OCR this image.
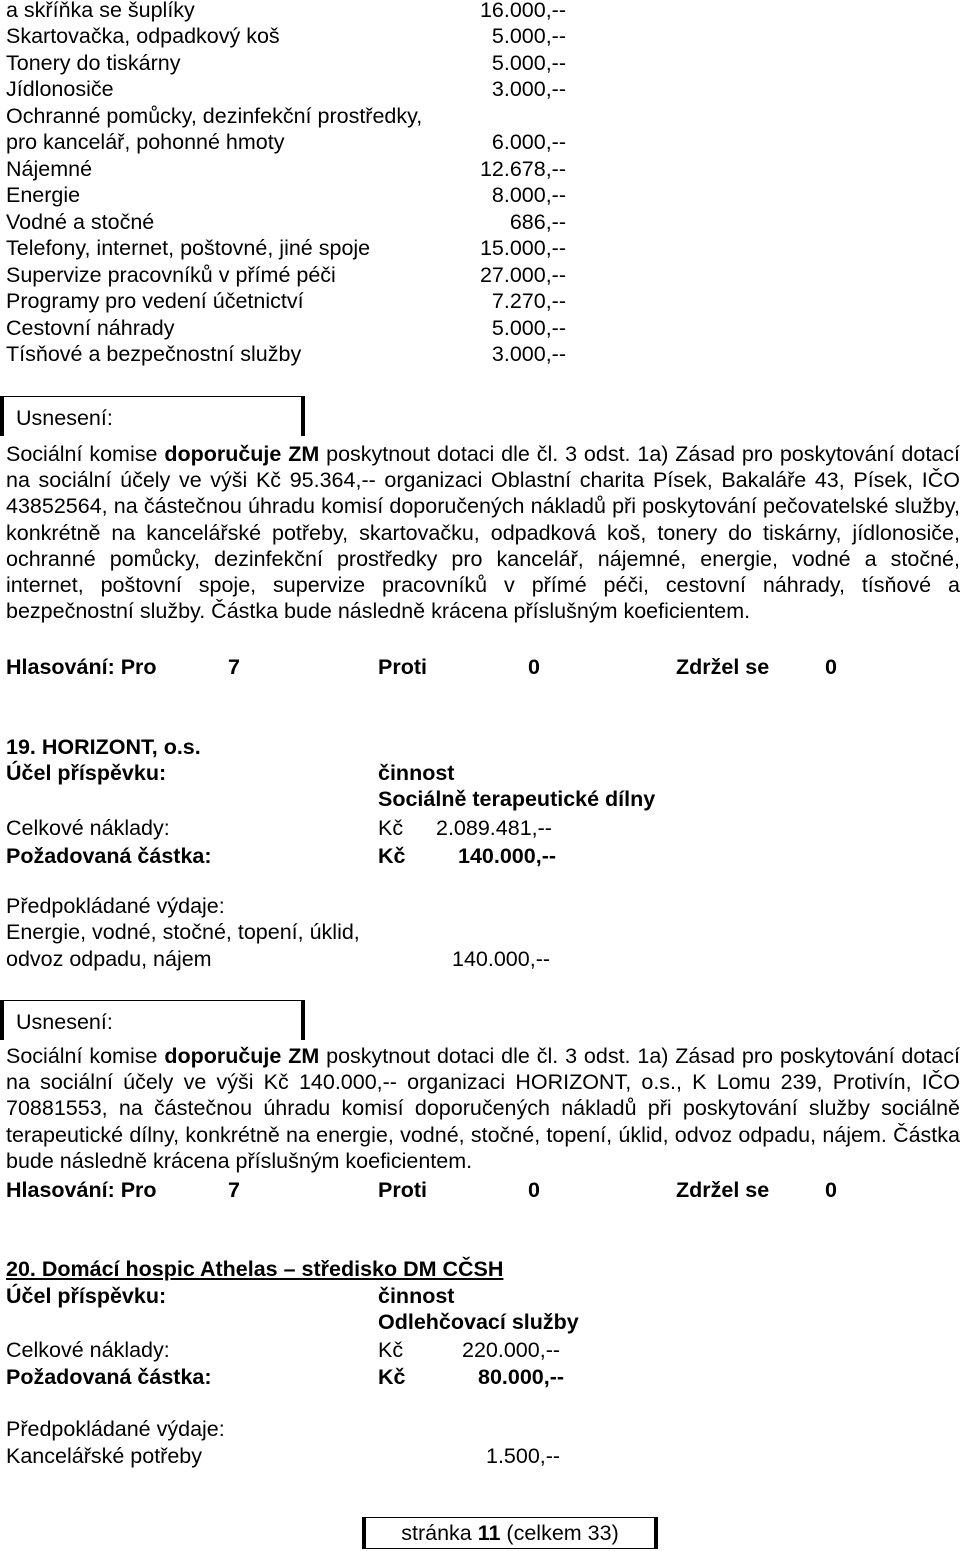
a skříňka se šuplíky	16.000,--
Skartovačka, odpadkový koš	5.000,--
Tonery do tiskárny	5.000,--
Jídlonosiče	3.000,--
Ochranné pomůcky, dezinfekční prostředky,
pro kancelář, pohonné hmoty	6.000,--
Nájemné	12.678,--
Energie	8.000,--
Vodné a stočné	686,--
Telefony, internet, poštovné, jiné spoje	15.000,--
Supervize pracovníků v přímé péči	27.000,--
Programy pro vedení účetnictví	7.270,--
Cestovní náhrady	5.000,--
Tísňové a bezpečnostní služby	3.000,--
Usnesení:
Sociální komise doporučuje ZM poskytnout dotaci dle čl. 3 odst. 1a) Zásad pro poskytování dotací na sociální účely ve výši Kč 95.364,-- organizaci Oblastní charita Písek, Bakaláře 43, Písek, IČO 43852564, na částečnou úhradu komisí doporučených nákladů při poskytování pečovatelské služby, konkrétně na kancelářské potřeby, skartovačku, odpadková koš, tonery do tiskárny, jídlonosiče, ochranné pomůcky, dezinfekční prostředky pro kancelář, nájemné, energie, vodné a stočné, internet, poštovní spoje, supervize pracovníků v přímé péči, cestovní náhrady, tísňové a bezpečnostní služby. Částka bude následně krácena příslušným koeficientem.
Hlasování: Pro	7	Proti	0	Zdržel se	0
19. HORIZONT, o.s.
Účel příspěvku:	činnost
Sociálně terapeutické dílny
Celkové náklady:	Kč 2.089.481,--
Požadovaná částka:	Kč 140.000,--
Předpokládané výdaje:
Energie, vodné, stočné, topení, úklid,
odvoz odpadu, nájem	140.000,--
Usnesení:
Sociální komise doporučuje ZM poskytnout dotaci dle čl. 3 odst. 1a) Zásad pro poskytování dotací na sociální účely ve výši Kč 140.000,-- organizaci HORIZONT, o.s., K Lomu 239, Protivín, IČO 70881553, na částečnou úhradu komisí doporučených nákladů při poskytování služby sociálně terapeutické dílny, konkrétně na energie, vodné, stočné, topení, úklid, odvoz odpadu, nájem. Částka bude následně krácena příslušným koeficientem.
Hlasování: Pro	7	Proti	0	Zdržel se	0
20. Domácí hospic Athelas – středisko DM CČSH
Účel příspěvku:	činnost
Odlehčovací služby
Celkové náklady:	Kč	220.000,--
Požadovaná částka:	Kč	80.000,--
Předpokládané výdaje:
Kancelářské potřeby	1.500,--
stránka 11 (celkem 33)
